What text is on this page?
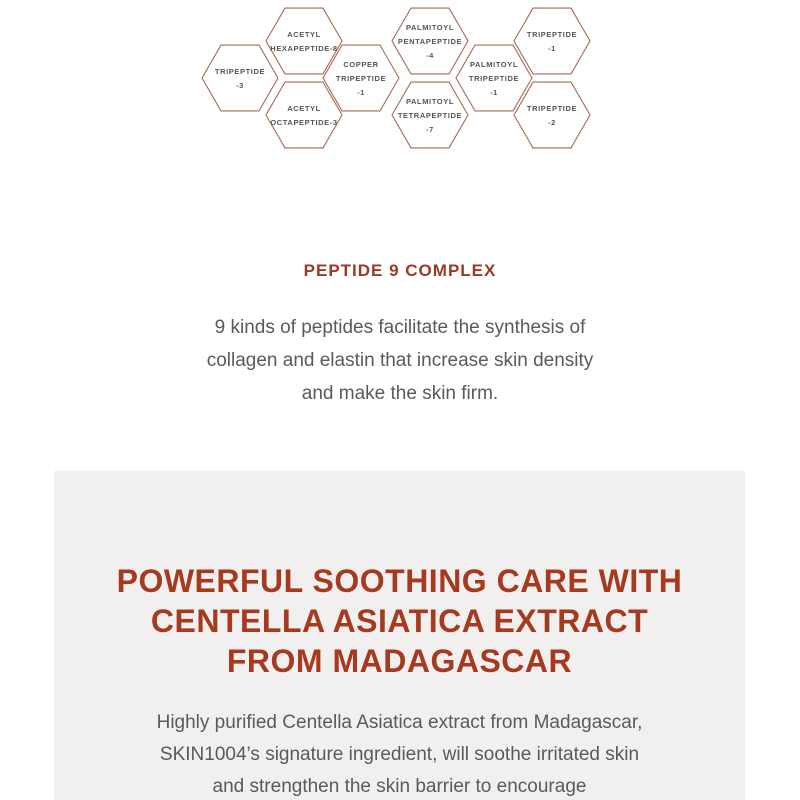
TRIPEPTIDE
-3
ACETYL
HEXAPEPTIDE-8
ACETYL
OCTAPEPTIDE-3
COPPER
TRIPEPTIDE
-1
PALMITOYL
PENTAPEPTIDE
-4
PALMITOYL
TETRAPEPTIDE
-7
PALMITOYL
TRIPEPTIDE
-1
TRIPEPTIDE
-1
TRIPEPTIDE
-2
PEPTIDE 9 COMPLEX
9 kinds of peptides facilitate the synthesis of
collagen and elastin that increase skin density
and make the skin firm.
POWERFUL SOOTHING CARE WITH
CENTELLA ASIATICA EXTRACT
FROM MADAGASCAR
Highly purified Centella Asiatica extract from Madagascar,
SKIN1004’s signature ingredient, will soothe irritated skin
and strengthen the skin barrier to encourage
